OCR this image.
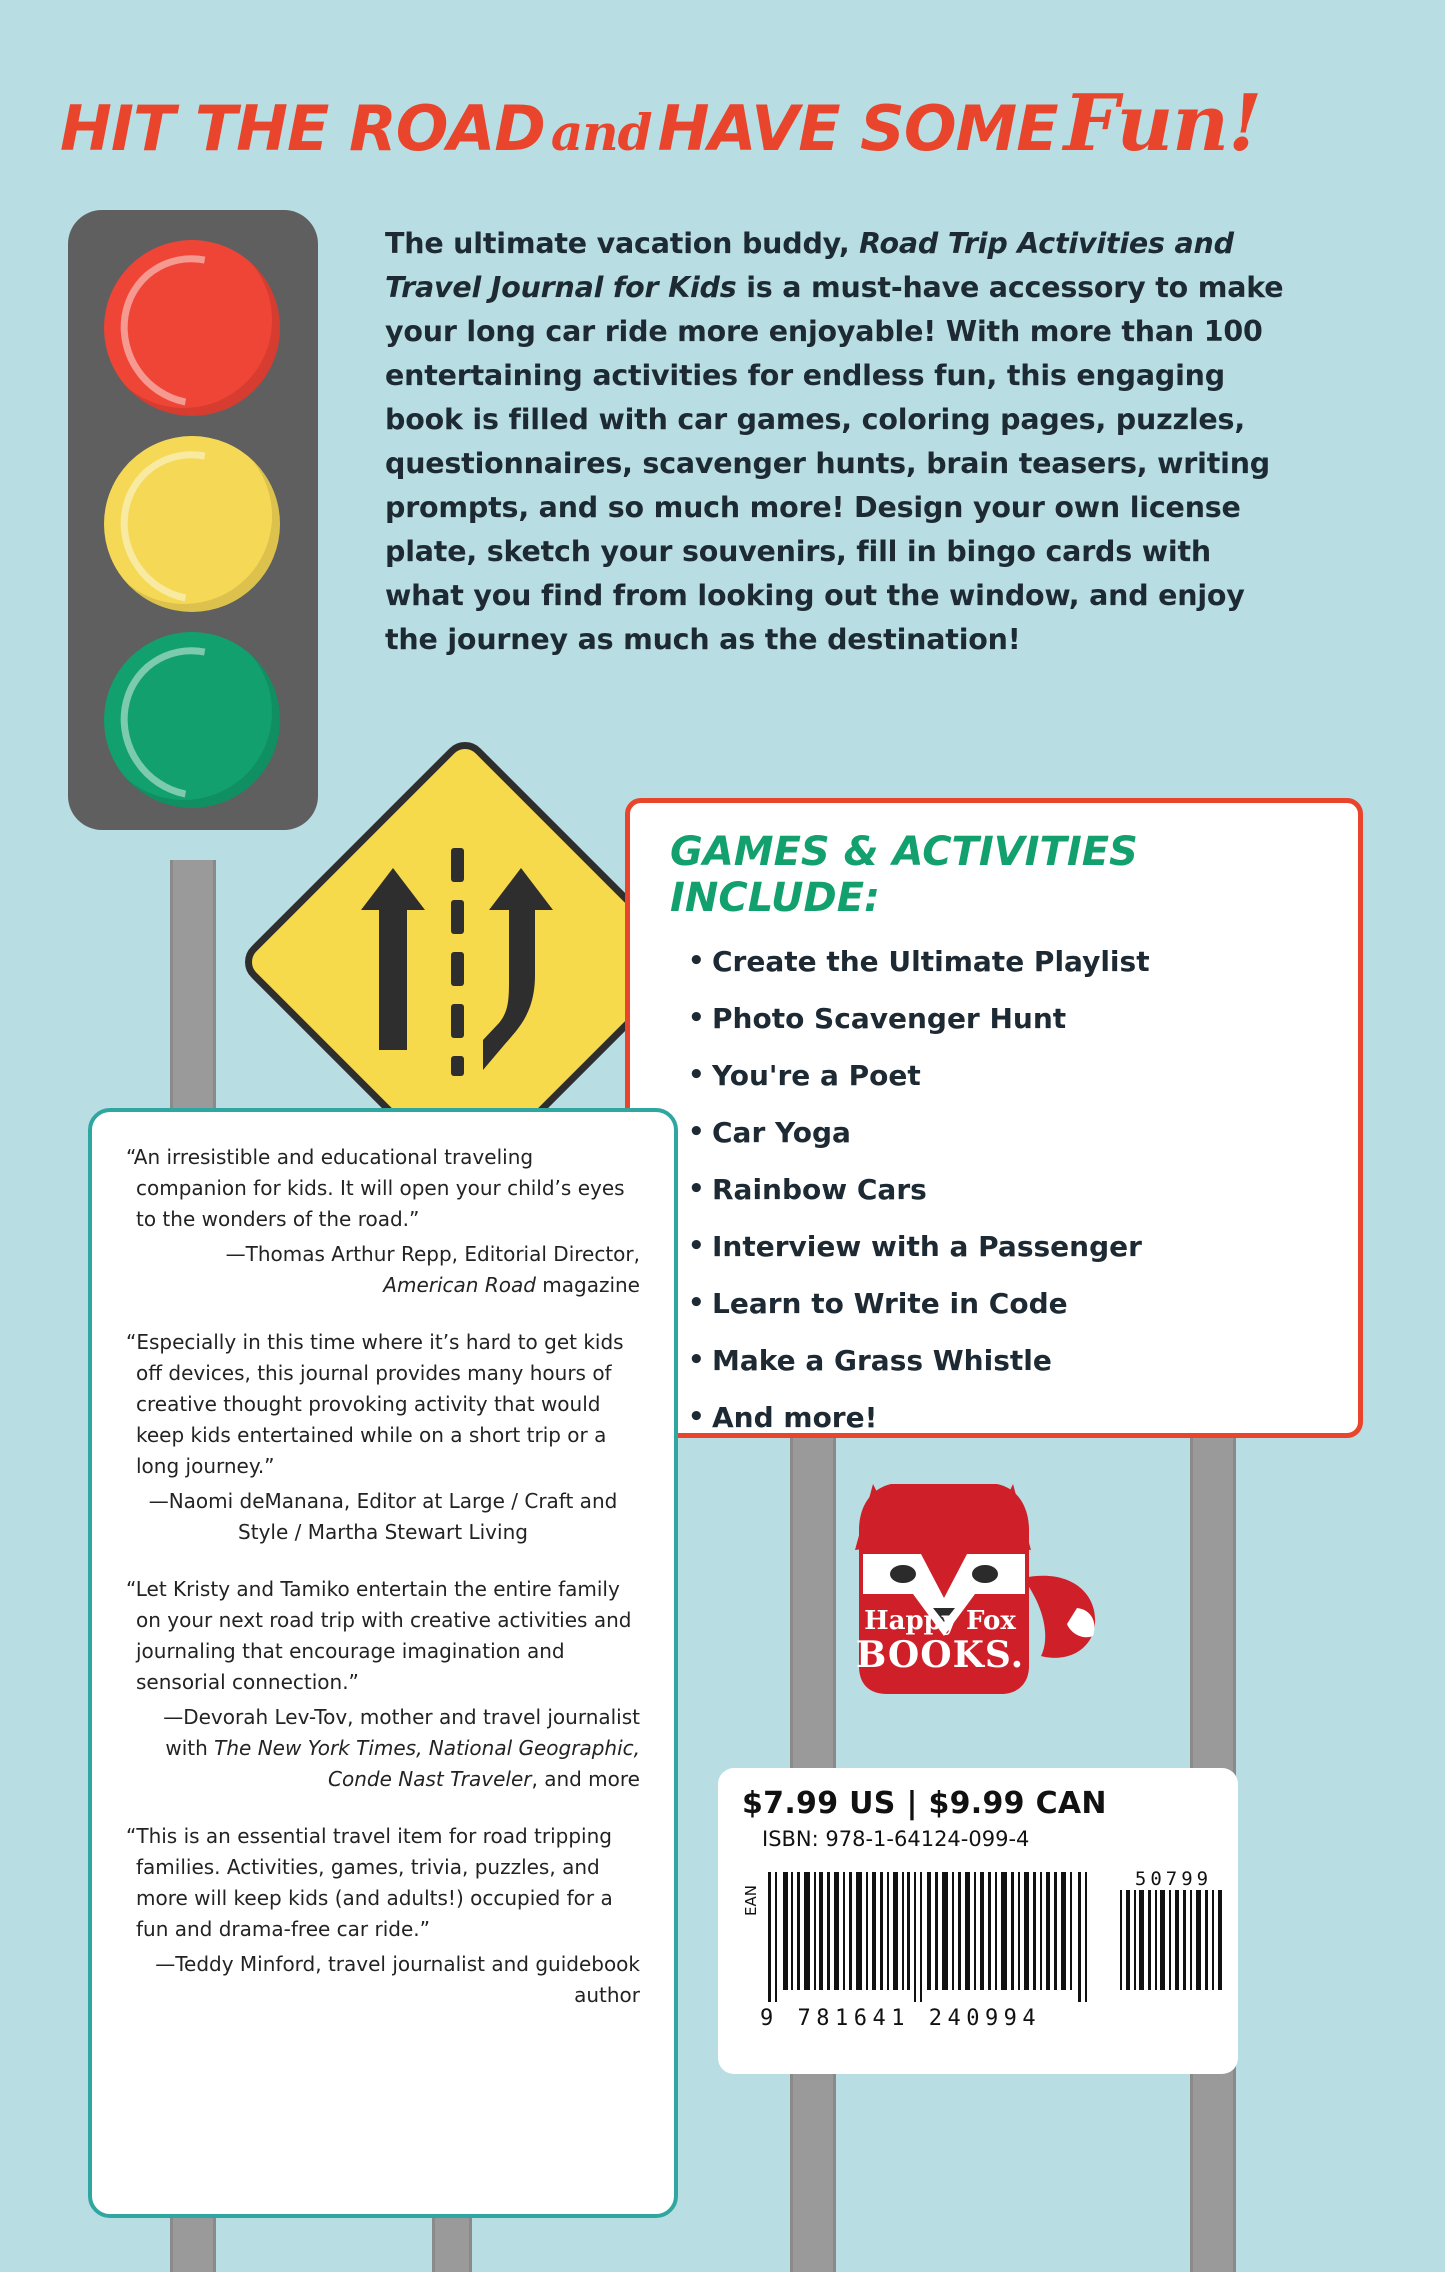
HIT THE ROAD andHAVE SOMEFun!
The ultimate vacation buddy, Road Trip Activities and Travel Journal for Kids is a must-have accessory to make your long car ride more enjoyable! With more than 100 entertaining activities for endless fun, this engaging book is filled with car games, coloring pages, puzzles, questionnaires, scavenger hunts, brain teasers, writing prompts, and so much more! Design your own license plate, sketch your souvenirs, fill in bingo cards with what you find from looking out the window, and enjoy the journey as much as the destination!
GAMES & ACTIVITIES INCLUDE:
• Create the Ultimate Playlist
• Photo Scavenger Hunt
• You're a Poet
• Car Yoga
• Rainbow Cars
• Interview with a Passenger
• Learn to Write in Code
• Make a Grass Whistle
• And more!
“An irresistible and educational traveling companion for kids. It will open your child’s eyes to the wonders of the road.”
—Thomas Arthur Repp, Editorial Director,
American Road magazine
“Especially in this time where it’s hard to get kids off devices, this journal provides many hours of creative thought provoking activity that would keep kids entertained while on a short trip or a long journey.”
—Naomi deManana, Editor at Large / Craft and Style / Martha Stewart Living
“Let Kristy and Tamiko entertain the entire family on your next road trip with creative activities and journaling that encourage imagination and sensorial connection.”
—Devorah Lev-Tov, mother and travel journalist with The New York Times, National Geographic, Conde Nast Traveler, and more
“This is an essential travel item for road tripping families. Activities, games, trivia, puzzles, and more will keep kids (and adults!) occupied for a fun and drama-free car ride.”
—Teddy Minford, travel journalist and guidebook author
Happy Fox
BOOKS.
$7.99 US | $9.99 CAN
ISBN: 978-1-64124-099-4
EAN
9 781641 240994
50799
